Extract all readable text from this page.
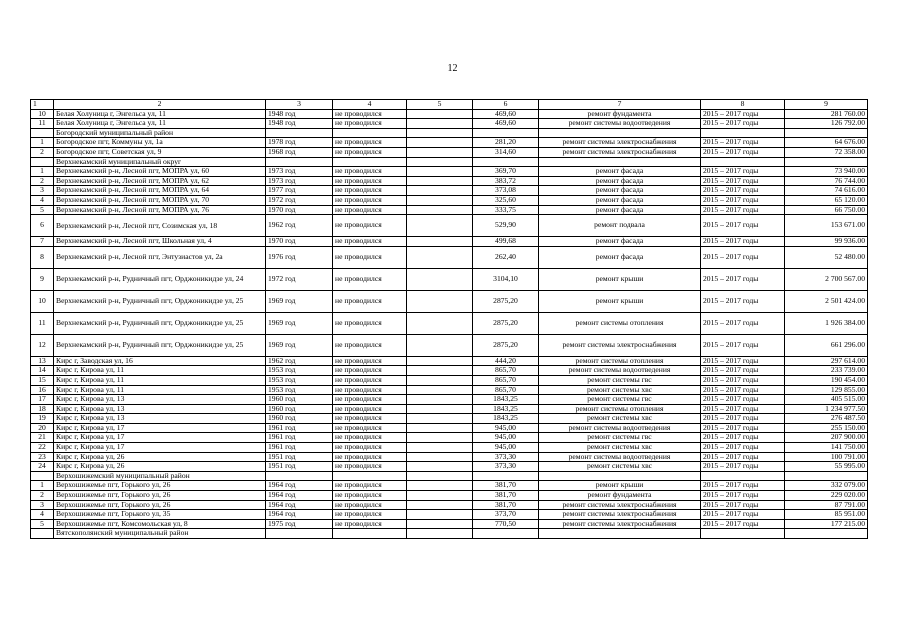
12
1	2	3	4	5	6	7	8	9
10	Белая Холуница г, Энгельса ул, 11	1948 год	не проводился		469,60	ремонт фундамента	2015 – 2017 годы	281 760.00
11	Белая Холуница г, Энгельса ул, 11	1948 год	не проводился		469,60	ремонт системы водоотведения	2015 – 2017 годы	126 792.00
	Богородский муниципальный район							
1	Богородское пгт, Коммуны ул, 1а	1978 год	не проводился		281,20	ремонт системы электроснабжения	2015 – 2017 годы	64 676.00
2	Богородское пгт, Советская ул, 9	1968 год	не проводился		314,60	ремонт системы электроснабжения	2015 – 2017 годы	72 358.00
	Верхнекамский муниципальный округ							
1	Верхнекамский р-н, Лесной пгт, МОПРА ул, 60	1973 год	не проводился		369,70	ремонт фасада	2015 – 2017 годы	73 940.00
2	Верхнекамский р-н, Лесной пгт, МОПРА ул, 62	1973 год	не проводился		383,72	ремонт фасада	2015 – 2017 годы	76 744.00
3	Верхнекамский р-н, Лесной пгт, МОПРА ул, 64	1977 год	не проводился		373,08	ремонт фасада	2015 – 2017 годы	74 616.00
4	Верхнекамский р-н, Лесной пгт, МОПРА ул, 70	1972 год	не проводился		325,60	ремонт фасада	2015 – 2017 годы	65 120.00
5	Верхнекамский р-н, Лесной пгт, МОПРА ул, 76	1970 год	не проводился		333,75	ремонт фасада	2015 – 2017 годы	66 750.00
6	Верхнекамский р-н, Лесной пгт, Созимская ул, 18	1962 год	не проводился		529,90	ремонт подвала	2015 – 2017 годы	153 671.00
7	Верхнекамский р-н, Лесной пгт, Школьная ул, 4	1970 год	не проводился		499,68	ремонт фасада	2015 – 2017 годы	99 936.00
8	Верхнекамский р-н, Лесной пгт, Энтузиастов ул, 2а	1976 год	не проводился		262,40	ремонт фасада	2015 – 2017 годы	52 480.00
9	Верхнекамский р-н, Рудничный пгт, Орджоникидзе ул, 24	1972 год	не проводился		3104,10	ремонт крыши	2015 – 2017 годы	2 700 567.00
10	Верхнекамский р-н, Рудничный пгт, Орджоникидзе ул, 25	1969 год	не проводился		2875,20	ремонт крыши	2015 – 2017 годы	2 501 424.00
11	Верхнекамский р-н, Рудничный пгт, Орджоникидзе ул, 25	1969 год	не проводился		2875,20	ремонт системы отопления	2015 – 2017 годы	1 926 384.00
12	Верхнекамский р-н, Рудничный пгт, Орджоникидзе ул, 25	1969 год	не проводился		2875,20	ремонт системы электроснабжения	2015 – 2017 годы	661 296.00
13	Кирс г, Заводская ул, 16	1962 год	не проводился		444,20	ремонт системы отопления	2015 – 2017 годы	297 614.00
14	Кирс г, Кирова ул, 11	1953 год	не проводился		865,70	ремонт системы водоотведения	2015 – 2017 годы	233 739.00
15	Кирс г, Кирова ул, 11	1953 год	не проводился		865,70	ремонт системы гвс	2015 – 2017 годы	190 454.00
16	Кирс г, Кирова ул, 11	1953 год	не проводился		865,70	ремонт системы хвс	2015 – 2017 годы	129 855.00
17	Кирс г, Кирова ул, 13	1960 год	не проводился		1843,25	ремонт системы гвс	2015 – 2017 годы	405 515.00
18	Кирс г, Кирова ул, 13	1960 год	не проводился		1843,25	ремонт системы отопления	2015 – 2017 годы	1 234 977.50
19	Кирс г, Кирова ул, 13	1960 год	не проводился		1843,25	ремонт системы хвс	2015 – 2017 годы	276 487.50
20	Кирс г, Кирова ул, 17	1961 год	не проводился		945,00	ремонт системы водоотведения	2015 – 2017 годы	255 150.00
21	Кирс г, Кирова ул, 17	1961 год	не проводился		945,00	ремонт системы гвс	2015 – 2017 годы	207 900.00
22	Кирс г, Кирова ул, 17	1961 год	не проводился		945,00	ремонт системы хвс	2015 – 2017 годы	141 750.00
23	Кирс г, Кирова ул, 26	1951 год	не проводился		373,30	ремонт системы водоотведения	2015 – 2017 годы	100 791.00
24	Кирс г, Кирова ул, 26	1951 год	не проводился		373,30	ремонт системы хвс	2015 – 2017 годы	55 995.00
	Верхошижемский муниципальный район							
1	Верхошижемье пгт, Горького ул, 26	1964 год	не проводился		381,70	ремонт крыши	2015 – 2017 годы	332 079.00
2	Верхошижемье пгт, Горького ул, 26	1964 год	не проводился		381,70	ремонт фундамента	2015 – 2017 годы	229 020.00
3	Верхошижемье пгт, Горького ул, 26	1964 год	не проводился		381,70	ремонт системы электроснабжения	2015 – 2017 годы	87 791.00
4	Верхошижемье пгт, Горького ул, 35	1964 год	не проводился		373,70	ремонт системы электроснабжения	2015 – 2017 годы	85 951.00
5	Верхошижемье пгт, Комсомольская ул, 8	1975 год	не проводился		770,50	ремонт системы электроснабжения	2015 – 2017 годы	177 215.00
	Вятскополянский муниципальный район							
